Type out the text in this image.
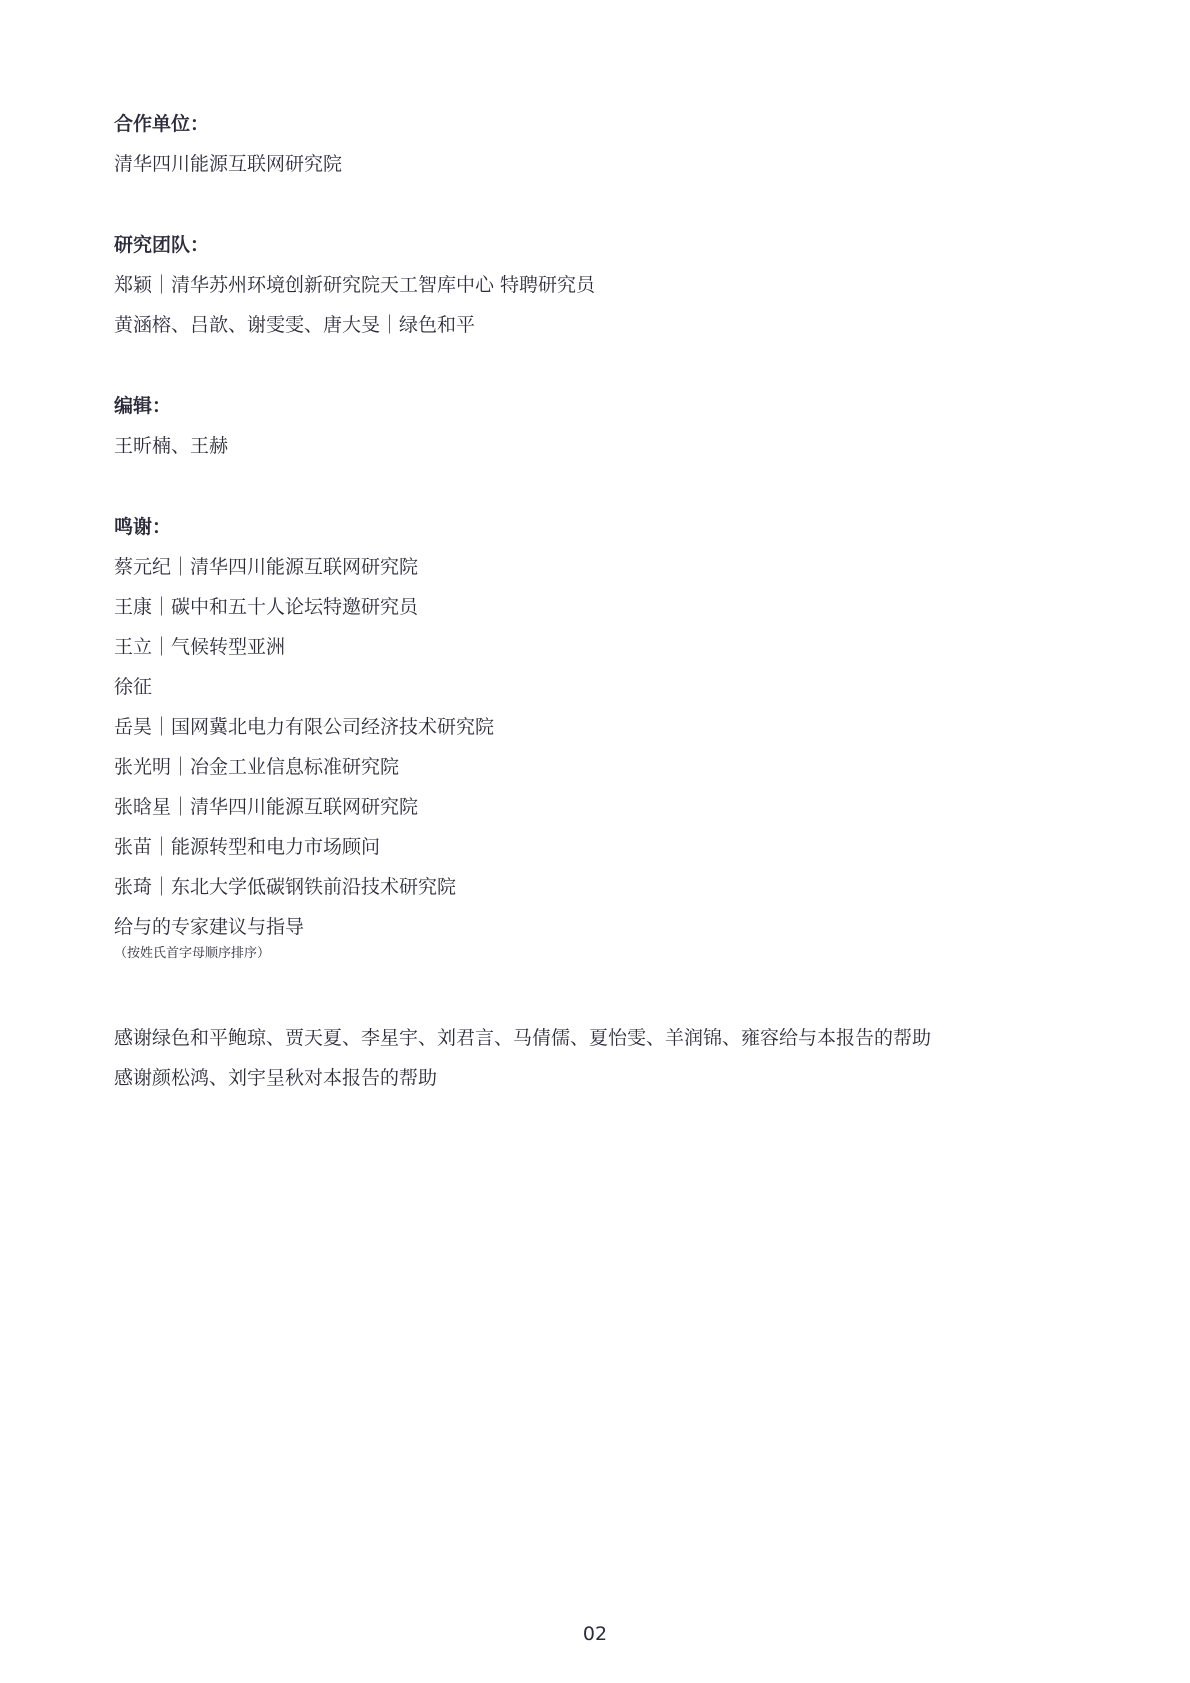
合作单位：
清华四川能源互联网研究院
研究团队：
郑颖｜清华苏州环境创新研究院天工智库中心 特聘研究员
黄涵榕、吕歆、谢雯雯、唐大旻｜绿色和平
编辑：
王昕楠、王赫
鸣谢：
蔡元纪｜清华四川能源互联网研究院
王康｜碳中和五十人论坛特邀研究员
王立｜气候转型亚洲
徐征
岳昊｜国网冀北电力有限公司经济技术研究院
张光明｜冶金工业信息标准研究院
张晗星｜清华四川能源互联网研究院
张苗｜能源转型和电力市场顾问
张琦｜东北大学低碳钢铁前沿技术研究院
给与的专家建议与指导
（按姓氏首字母顺序排序）
感谢绿色和平鲍琼、贾天夏、李星宇、刘君言、马倩儒、夏怡雯、羊润锦、雍容给与本报告的帮助
感谢颜松鸿、刘宇呈秋对本报告的帮助
02
